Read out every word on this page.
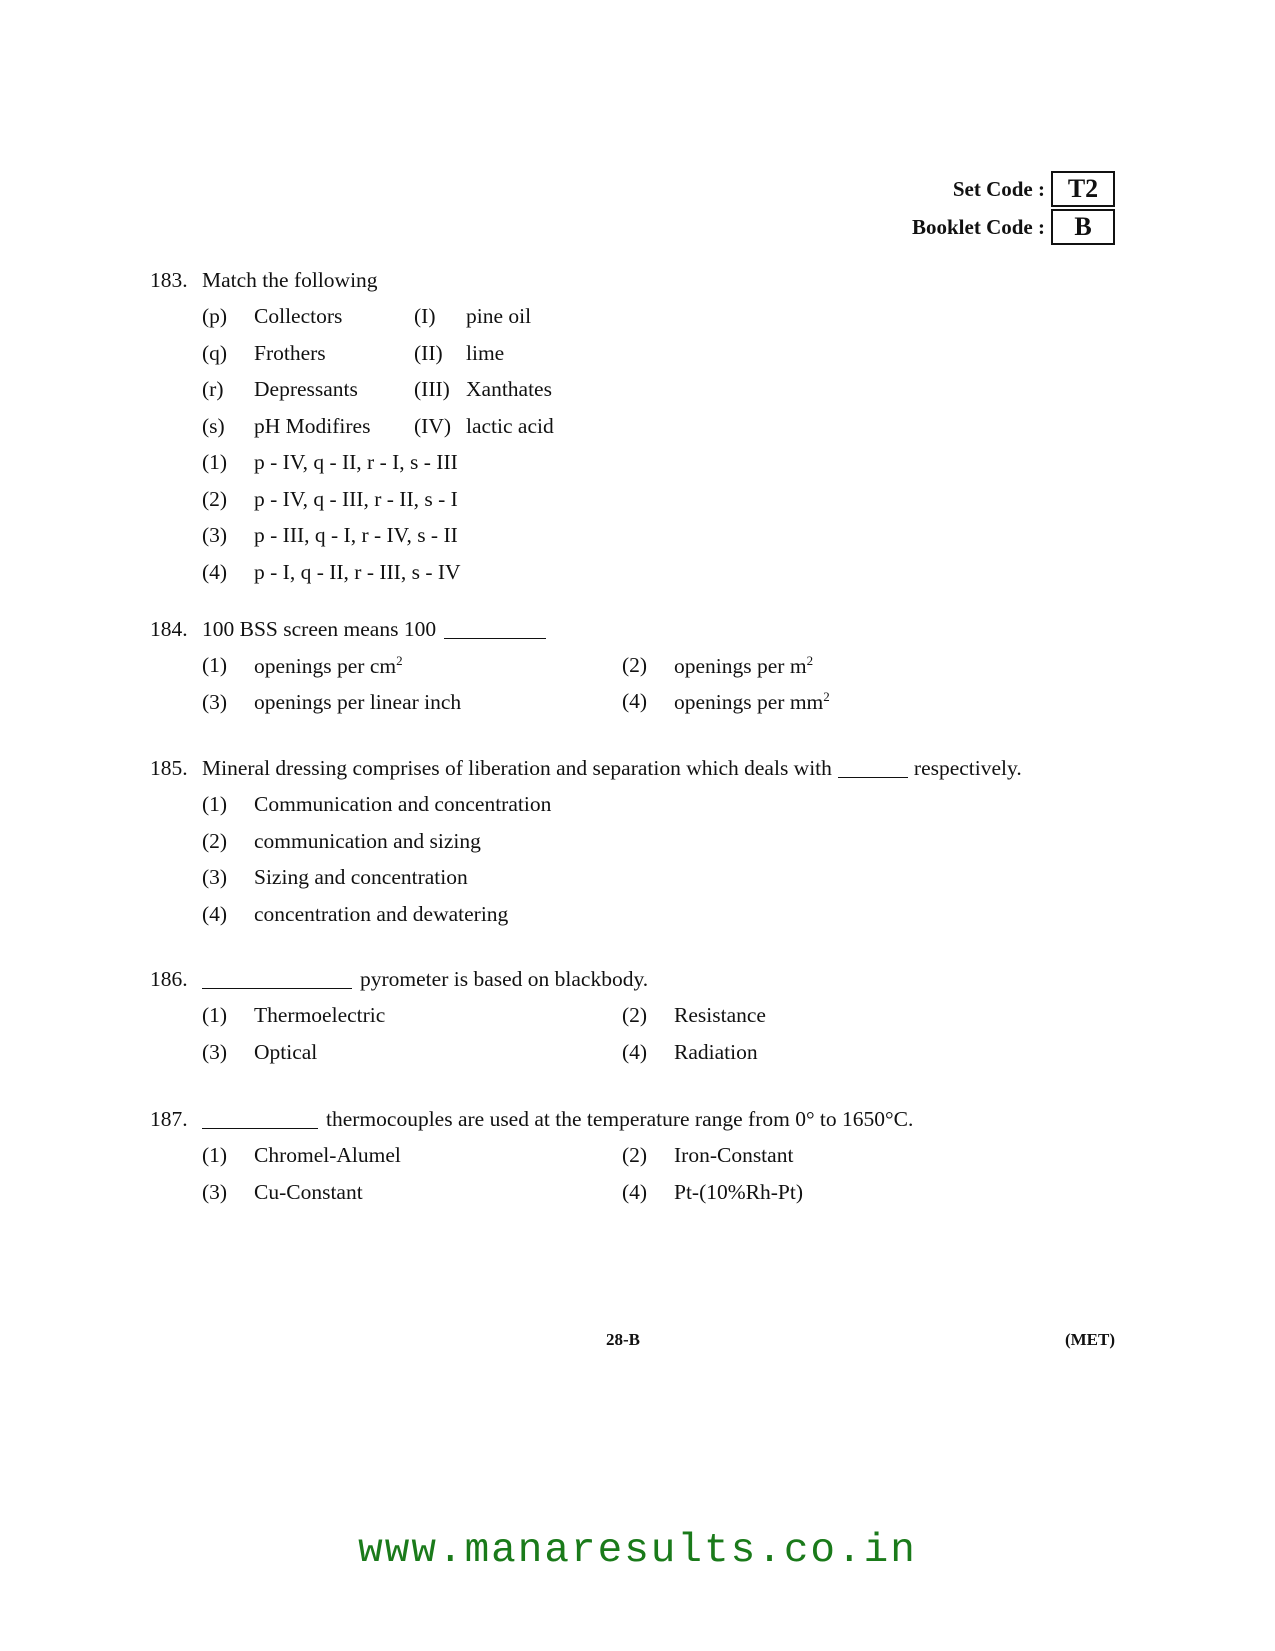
Set Code : T2
Booklet Code :	B
183. Match the following
(p)	Collectors	(I)	pine oil
(q)	Frothers	(II)	lime
(r)	Depressants	(III) Xanthates
(s)	pH Modifires	(IV) lactic acid
(1)	p - IV, q - II, r - I, s - III
(2)	p - IV, q - III, r - II, s - I
(3)	p - III, q - I, r - IV, s - II
(4)	p - I, q - II, r - III, s - IV
184. 100 BSS screen means 100
(1)	openings per $cm^2$	(2)	openings per $m^2$
(3)	openings per linear inch	(4)	openings per $mm^2$
185. Mineral dressing comprises of liberation and separation which deals with	respectively.
(1)	Communication and concentration
(2)	communication and sizing
(3)	Sizing and concentration
(4)	concentration and dewatering
186.	pyrometer is based on blackbody.
(1)	Thermoelectric	(2)	Resistance
(3)	Optical	(4)	Radiation
187.	thermocouples are used at the temperature range from 0° to 1650°C.
(1)	Chromel-Alumel	(2)	Iron-Constant
(3)	Cu-Constant	(4)	Pt-(10%Rh-Pt)
28-B	(MET)
www.manaresults.co.in
